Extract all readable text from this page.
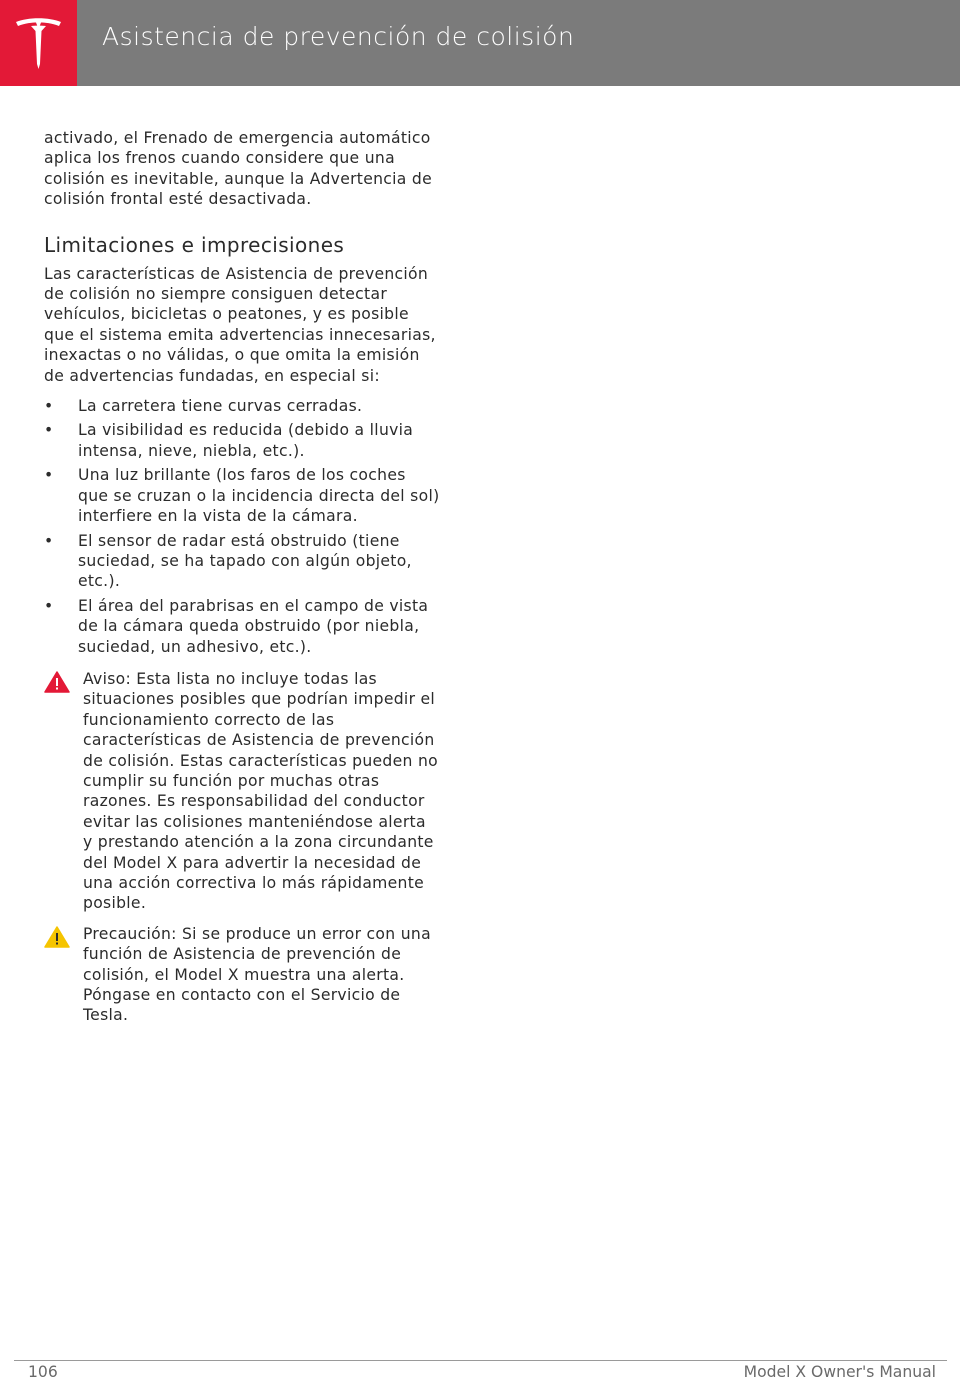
Asistencia de prevención de colisión

activado, el Frenado de emergencia automático aplica los frenos cuando considere que una colisión es inevitable, aunque la Advertencia de colisión frontal esté desactivada.

Limitaciones e imprecisiones

Las características de Asistencia de prevención de colisión no siempre consiguen detectar vehículos, bicicletas o peatones, y es posible que el sistema emita advertencias innecesarias, inexactas o no válidas, o que omita la emisión de advertencias fundadas, en especial si:

• La carretera tiene curvas cerradas.
• La visibilidad es reducida (debido a lluvia intensa, nieve, niebla, etc.).
• Una luz brillante (los faros de los coches que se cruzan o la incidencia directa del sol) interfiere en la vista de la cámara.
• El sensor de radar está obstruido (tiene suciedad, se ha tapado con algún objeto, etc.).
• El área del parabrisas en el campo de vista de la cámara queda obstruido (por niebla, suciedad, un adhesivo, etc.).
Aviso: Esta lista no incluye todas las situaciones posibles que podrían impedir el funcionamiento correcto de las características de Asistencia de prevención de colisión. Estas características pueden no cumplir su función por muchas otras razones. Es responsabilidad del conductor evitar las colisiones manteniéndose alerta y prestando atención a la zona circundante del Model X para advertir la necesidad de una acción correctiva lo más rápidamente posible.
Precaución: Si se produce un error con una función de Asistencia de prevención de colisión, el Model X muestra una alerta. Póngase en contacto con el Servicio de Tesla.
106	Model X Owner's Manual
